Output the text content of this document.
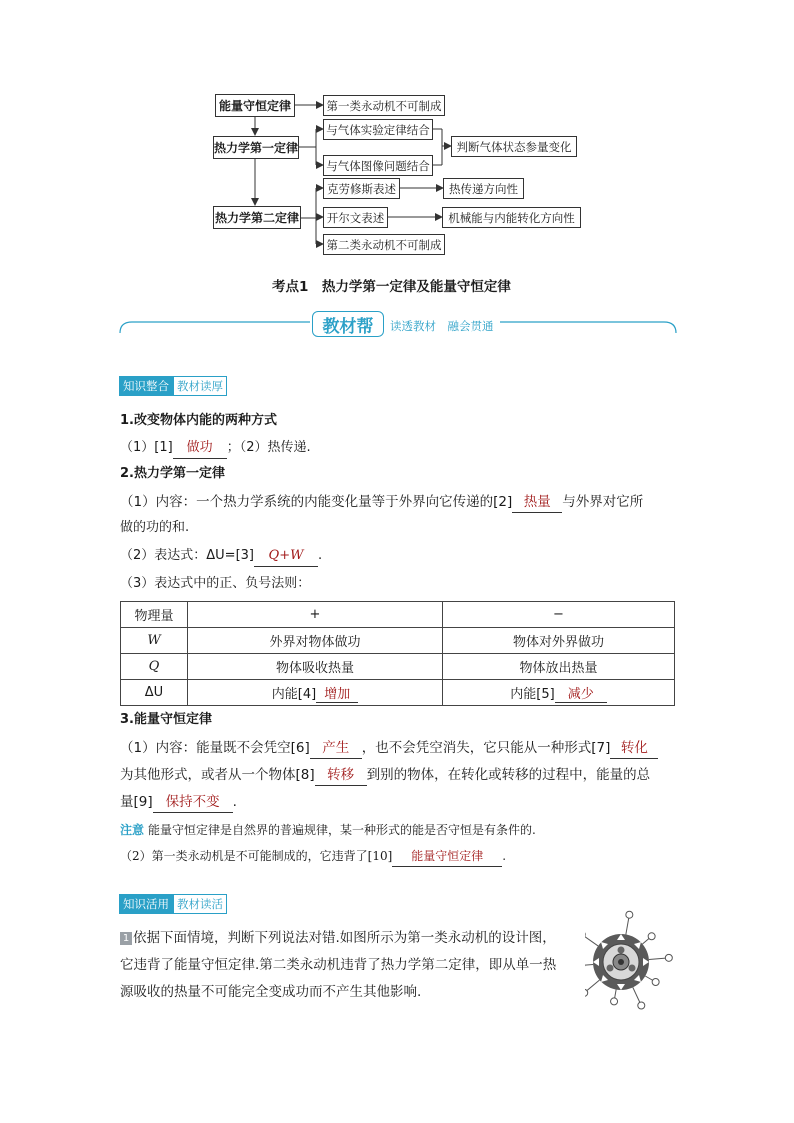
能量守恒定律
热力学第一定律
热力学第二定律
第一类永动机不可制成
与气体实验定律结合
与气体图像问题结合
判断气体状态参量变化
克劳修斯表述	热传递方向性
开尔文表述	机械能与内能转化方向性
第二类永动机不可制成
考点1　热力学第一定律及能量守恒定律
教材帮	读透教材　融会贯通
知识整合 教材读厚
1.改变物体内能的两种方式
（1）[1] 做功 ；（2）热传递.
2.热力学第一定律
（1）内容：一个热力学系统的内能变化量等于外界向它传递的[2] 热量 与外界对它所
做的功的和.
（2）表达式：ΔU=[3] Q+W .
（3）表达式中的正、负号法则：
物理量	+	−
W	外界对物体做功	物体对外界做功
Q	物体吸收热量	物体放出热量
ΔU	内能[4] 增加	内能[5] 减少
3.能量守恒定律
（1）内容：能量既不会凭空[6] 产生 ，也不会凭空消失，它只能从一种形式[7] 转化
为其他形式，或者从一个物体[8] 转移 到别的物体，在转化或转移的过程中，能量的总
量[9] 保持不变 .
注意 能量守恒定律是自然界的普遍规律，某一种形式的能是否守恒是有条件的.
（2）第一类永动机是不可能制成的，它违背了[10] 能量守恒定律 .
知识活用 教材读活
1 依据下面情境，判断下列说法对错.如图所示为第一类永动机的设计图，
它违背了能量守恒定律.第二类永动机违背了热力学第二定律，即从单一热
源吸收的热量不可能完全变成功而不产生其他影响.
